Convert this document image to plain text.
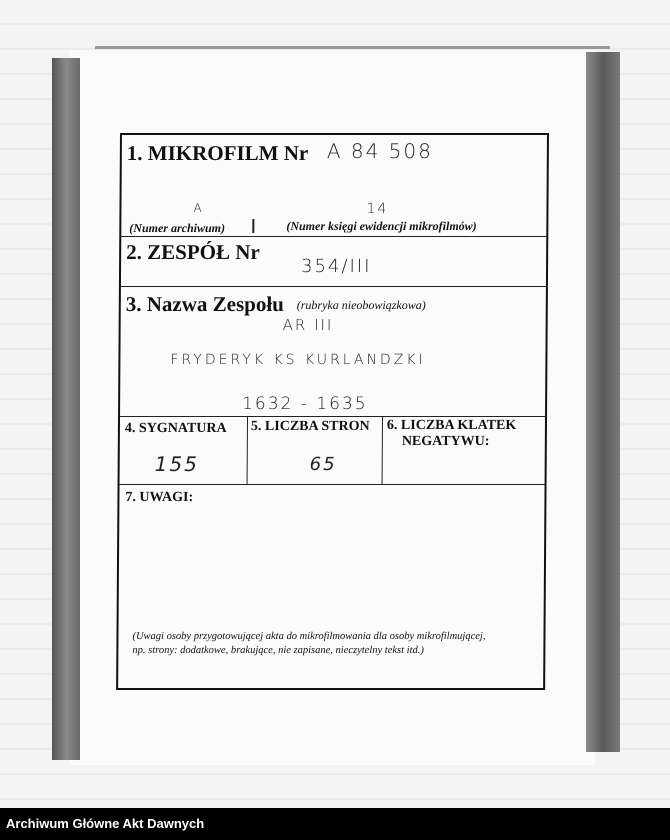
1. MIKROFILM Nr A 84 508
A	14
(Numer archiwum)	(Numer księgi ewidencji mikrofilmów)
2. ZESPÓŁ Nr
354/III
3. Nazwa Zespołu (rubryka nieobowiązkowa)
AR III
FRYDERYK KS KURLANDZKI
1632 - 1635
4. SYGNATURA
155
5. LICZBA STRON
65
6. LICZBA KLATEK
NEGATYWU:
7. UWAGI:
(Uwagi osoby przygotowującej akta do mikrofilmowania dla osoby mikrofilmującej,
np. strony: dodatkowe, brakujące, nie zapisane, nieczytelny tekst itd.)
Archiwum Główne Akt Dawnych
